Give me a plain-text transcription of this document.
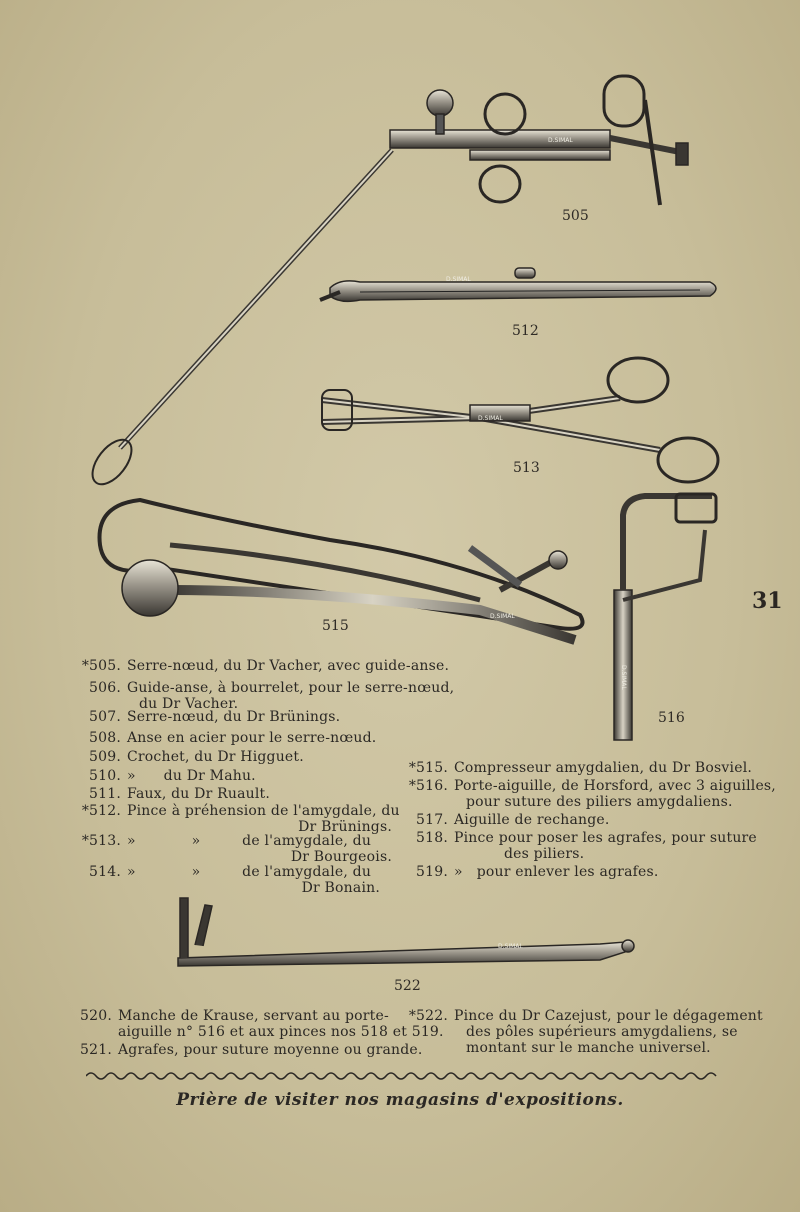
D.SIMAL
D.SIMAL
D.SIMAL
D.SIMAL
D.SIMAL
D.SIMAL
505
512
513
515
516
522
31
*505. Serre-nœud, du Dr Vacher, avec guide-anse.
506. Guide-anse, à bourrelet, pour le serre-nœud,
du Dr Vacher.
507. Serre-nœud, du Dr Brünings.
508. Anse en acier pour le serre-nœud.
509. Crochet, du Dr Higguet.
510. »      du Dr Mahu.
511. Faux, du Dr Ruault.
*512. Pince à préhension de l'amygdale, du
Dr Brünings.
*513. »            »         de l'amygdale, du
Dr Bourgeois.
514. »            »         de l'amygdale, du
Dr Bonain.
*515. Compresseur amygdalien, du Dr Bosviel.
*516. Porte-aiguille, de Horsford, avec 3 aiguilles,
pour suture des piliers amygdaliens.
517. Aiguille de rechange.
518. Pince pour poser les agrafes, pour suture
des piliers.
519. »   pour enlever les agrafes.
520. Manche de Krause, servant au porte-
aiguille n° 516 et aux pinces nos 518 et 519.
521. Agrafes, pour suture moyenne ou grande.
*522. Pince du Dr Cazejust, pour le dégagement
des pôles supérieurs amygdaliens, se
montant sur le manche universel.
Prière de visiter nos magasins d'expositions.
